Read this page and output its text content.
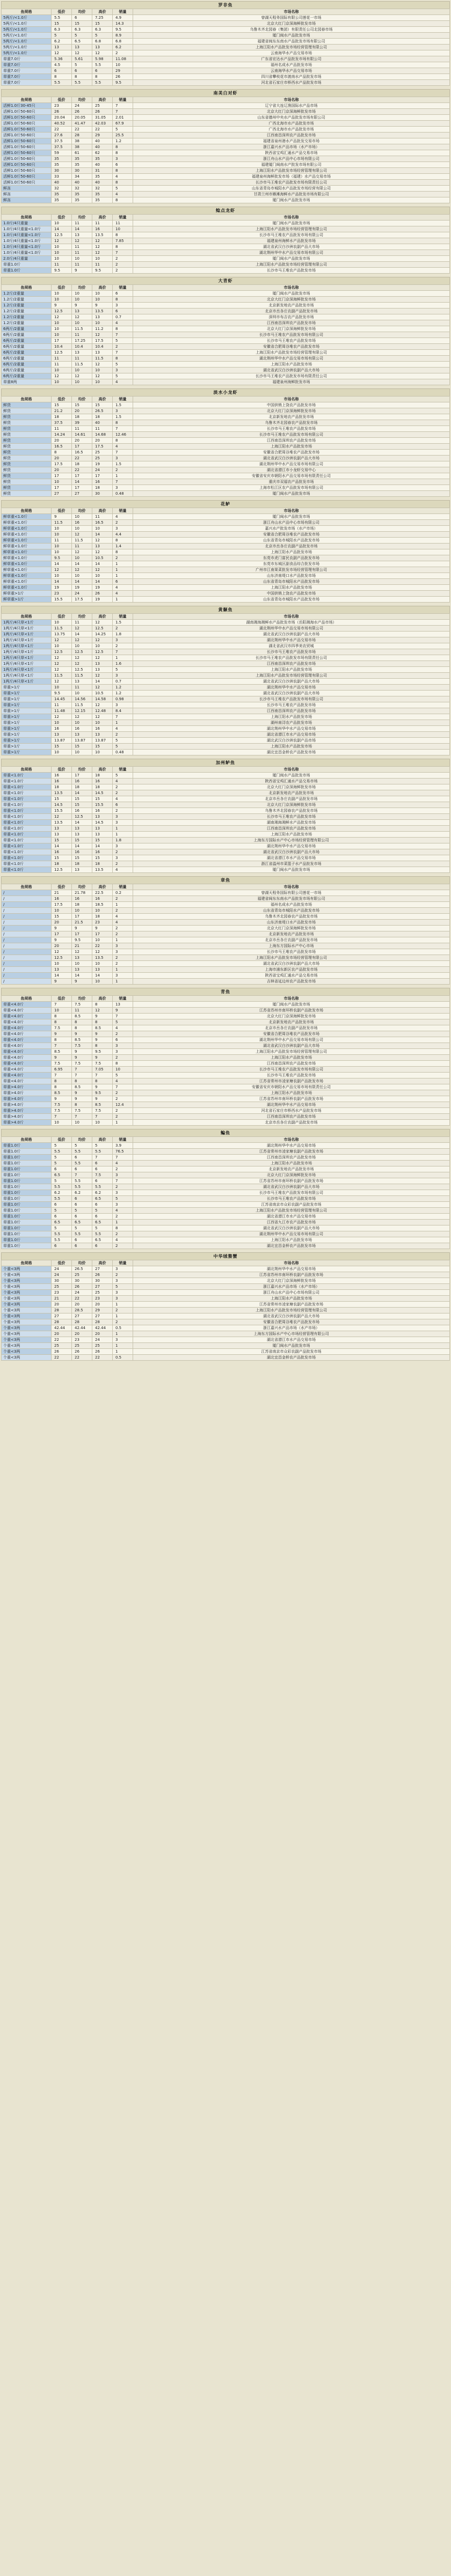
罗非鱼
鱼规格	低价	均价	高价	销量	市场名称
5两斤/<1.0斤	5.5	6	7.25	4.9	曾湖天程务国际有限公司莲花一市场
5两斤/<1.0斤	15	15	15	14.3	北京大红门京深海鲜批发市场
5两斤/<1.0斤	6.3	6.3	6.3	9.5	乌鲁木齐北园春（集团）有限责任公司北园春市场
5两斤/<1.0斤	5	5	5	8.9	厦门闽水产品批发市场
5两斤/<1.0斤	6.2	6.5	6.8	6.8	福建省闽东东南水产品批发市场有限公司
5两斤/<1.0斤	13	13	13	6.2	上海江阳水产品批发市场经营管理有限公司
5两斤/<1.0斤	12	12	12	2	云南海华水产品交易市场
草重7.0斤	5.36	5.61	5.98	11.08	广东省宏达水产品批发市场有限公司
草重7.0斤	4.5	5	5.5	10	福州名成水产品批发市场
草重7.0斤	6	6	6	29	云南海华水产品交易市场
草重7.0斤	8	8	8	26	四川省攀枝花市渡南水产品批发市场
草重7.0斤	5.5	5.5	5.5	9.5	河北省石家庄市桥西水产品批发市场
南美白对虾
鱼规格	低价	均价	高价	销量	市场名称
活鲜1.0斤30-45只	23	24	25	7	辽宁省大连辽渔国际水产品市场
活鲜1.0斤50-60只	26	26	26	7	北京大红门京深海鲜批发市场
活鲜1.0斤50-60只	20.04	20.05	31.05	2.01	山东省德州中央水产品批发市场有限公司
活鲜1.0斤50-60只	40.52	41.47	42.03	67.9	广西北海市水产品批发市场
活鲜1.0斤50-60只	22	22	22	5	广西北海市水产品批发市场
活鲜1.0斤50-60只	27.6	28	29	25.5	江西南昌深圳农产品批发市场
活鲜1.0斤50-60只	37.5	38	40	1.2	福建省泉州港水产品批发交易市场
活鲜1.0斤50-60只	37.5	38	40	8	浙江嘉兴水产品市场（水产市场）
活鲜1.0斤50-60只	59	61	62	8	陕西省宝鸡汇通水产品交易市场
活鲜1.0斤50-60只	35	35	35	3	浙江舟山水产品中心市场有限公司
活鲜1.0斤50-60只	35	35	40	6	福建厦门闽南水产批发市场有限公司
活鲜1.0斤50-60只	30	30	31	8	上海江阳水产品批发市场经营管理有限公司
活鲜1.0斤50-60只	33	34	35	4	福建泉州海鲜批发市场（福建）水产品交易市场
活鲜1.0斤50-60只	40	40	40	8	长沙市马王堆农产品批发市场有限责任公司
鲜冻	32	32	32	5	山东省青岛市城阳水产品批发市场经营有限公司
鲜冻	35	35	35	4	甘肃兰州市雁滩海鲜水产品批发市场有限公司
鲜冻	35	35	35	8	厦门闽水产品批发市场
鲶点龙虾
鱼规格	低价	均价	高价	销量	市场名称
1.0斤/4只重量	10	11	11	11	厦门闽水产品批发市场
1.0斤/4只重量<1.0斤	14	14	16	10	上海江阳水产品批发市场经营管理有限公司
1.0斤/4只重量<1.0斤	12.5	13	13.5	8	长沙市马王堆农产品批发市场有限公司
1.0斤/4只重量<1.0斤	12	12	12	7.85	福建泉州海鲜水产品批发市场
1.0斤/4只重量<1.0斤	10	11	12	8	湖北省武汉白沙洲农副产品大市场
1.0斤/4只重量<1.0斤	10	11	12	7	湖北荆州华中水产品交易市场有限公司
2.0斤/4只重量	10	10	10	2	厦门闽水产品批发市场
草重1.0斤	11	11	11	2	上海江阳水产品批发市场经营管理有限公司
草重1.0斤	9.5	9	9.5	2	长沙市马王堆农产品批发市场
大青虾
鱼规格	低价	均价	高价	销量	市场名称
1.2斤/2重量	10	10	10	6	厦门闽水产品批发市场
1.2斤/2重量	10	10	10	8	北京大红门京深海鲜批发市场
1.2斤/2重量	9	9	9	3	北京新发地农产品批发市场
1.2斤/2重量	12.5	13	13.5	6	北京市岳各庄农副产品批发市场
1.2斤/2重量	12	12	13	0.7	深圳市布吉农产品批发市场
1.2斤/2重量	10	10	10	4	江西南昌深圳农产品批发市场
6两斤/2重量	10	11.5	11.2	8	北京大红门京深海鲜批发市场
6两斤/2重量	10	11	12	7	长沙市马王堆农产品批发市场有限公司
6两斤/2重量	17	17.25	17.5	5	长沙市马王堆农产品批发市场
6两斤/2重量	10.4	10.4	10.4	2	安徽省合肥周谷堆农产品批发市场
6两斤/2重量	12.5	13	13	7	上海江阳水产品批发市场经营管理有限公司
6两斤/2重量	11	11	11.5	8	湖北荆州华中水产品交易市场有限公司
6两斤/2重量	11	11.5	12	5	上海江阳水产品批发市场
6两斤/2重量	10	10	10	3	湖北省武汉白沙洲农副产品大市场
6两斤/2重量	12	12	12	5	长沙市马王堆农产品批发市场有限责任公司
草重8两	10	10	10	4	福建泉州海鲜批发市场
淡水小龙虾
鱼规格	低价	均价	高价	销量	市场名称
鲜货	15	15	15	1.5	中国供销上饶农产品批发市场
鲜货	21.2	20	26.5	3	北京大红门京深海鲜批发市场
鲜货	18	18	18	1.5	北京新发地农产品批发市场
鲜货	37.5	39	40	8	乌鲁木齐北园春农产品批发市场
鲜货	11	11	11	7	长沙市马王堆农产品批发市场
鲜货	14.24	14.61	14.68	12.46	长沙市马王堆农产品批发市场有限公司
鲜货	20	20	20	8	江西南昌深圳农产品批发市场
鲜货	16.5	17	17.5	4	上海江阳水产品批发市场
鲜货	8	16.5	25	7	安徽省合肥周谷堆农产品批发市场
鲜货	20	22	25	3	湖北省武汉白沙洲农副产品大市场
鲜货	17.5	18	19	1.5	湖北荆州华中水产品交易市场有限公司
鲜货	20	22	24	2	湖北省潜江市小龙虾交易中心
鲜货	17	17	17	1	安徽省安庆市朝阳水产品交易市场有限责任公司
鲜货	10	14	16	7	重庆市双福农产品批发市场
鲜货	17	17	18	3	上海市松江区农产品批发市场有限公司
鲜货	27	27	30	0.48	厦门闽水产品批发市场
花鲈
鱼规格	低价	均价	高价	销量	市场名称
鲜草重<1.0斤	9	10	11	4	厦门闽水产品批发市场
鲜草重<1.0斤	11.5	16	16.5	2	浙江舟山水产品中心市场有限公司
鲜草重<1.0斤	10	10	10	3	嘉兴水产批发市场（水产市场）
鲜草重<1.0斤	10	12	14	4.4	安徽省合肥周谷堆农产品批发市场
鲜草重<1.0斤	11	11.5	12	8	山东省青岛市城阳水产品批发市场
鲜草重<1.0斤	10	11	13	1.4	北京市岳各庄农副产品批发市场
鲜草重<1.0斤	10	12	12	8	上海江阳水产品批发市场
鲜草重<1.0斤	9.5	10	10.5	2	东莞市虎门富民农副产品批发市场
鲜草重<1.0斤	14	14	14	1	东莞市东城区副食品综合批发市场
鲜草重<1.0斤	12	12	12	1	广州市江南果菜批发市场经营管理有限公司
鲜草重<1.0斤	10	10	10	1	山东济南堤口水产品批发市场
鲜草重<1.0斤	14	14	14	6	山东省青岛市城阳水产品批发市场
鲜草重<1.0斤	19	19	19	4	上海江阳水产品批发市场
鲜草重>1斤	23	24	26	4	中国供销上饶农产品批发市场
鲜草重>1斤	15.5	17.5	19	1	山东省青岛市城阳水产品批发市场
黄颡鱼
鱼规格	低价	均价	高价	销量	市场名称
1两斤/4只草<1斤	10	11	12	1.5	湖南湘海湘鲜水产品批发市场（岳阳湘海水产品市场）
1两斤/4只草<1斤	11.5	12	12.5	2	湖北荆州华中水产品交易市场有限公司
1两斤/4只草<1斤	13.75	14	14.25	1.8	湖北省武汉白沙洲农副产品大市场
1两斤/4只草<1斤	12	12	12	3	湖北荆州华中水产品交易市场
1两斤/4只草<1斤	10	10	10	2	湖北省武汉市四季美农贸城
1两斤/4只草<1斤	12.5	12.5	12.5	7	长沙市马王堆农产品批发市场
1两斤/4只草<1斤	12	12	12	1	长沙市马王堆农产品批发市场有限责任公司
1两斤/4只草<1斤	12	12	13	1.6	江西南昌深圳农产品批发市场
1两斤/4只草<1斤	12	12.5	13	5	上海江阳水产品批发市场
1两斤/4只草<1斤	11.5	11.5	12	3	上海江阳水产品批发市场经营管理有限公司
1两斤/4只草<1斤	12	13	14	0.7	湖北省武汉白沙洲农副产品大市场
草重>1斤	10	11	12	1.2	湖北荆州华中水产品交易市场
草重>1斤	9.5	10	10.5	1.2	湖北省武汉白沙洲农副产品大市场
草重>1斤	14.45	14.56	14.58	0.98	长沙市马王堆农产品批发市场有限公司
草重>1斤	11	11.5	12	3	长沙市马王堆农产品批发市场
草重>1斤	11.48	12.15	12.48	8.4	江西南昌深圳农产品批发市场
草重>1斤	12	12	12	7	上海江阳水产品批发市场
草重>1斤	10	10	10	1	湖州南浔农产品批发市场
草重>1斤	16	16	16	4	湖北荆州华中水产品交易市场
草重>1斤	13	13	13	2	湖北省潜江市水产品交易市场
草重>1斤	13.87	13.87	13.87	5	湖北武汉白沙洲农副产品市场
草重>1斤	15	15	15	5	上海江阳水产品批发市场
草重>1斤	10	10	10	0.48	湖北宜昌金桥农产品批发市场
加州鲈鱼
鱼规格	低价	均价	高价	销量	市场名称
草重<1.0斤	16	17	18	5	厦门闽水产品批发市场
草重<1.0斤	16	16	16	4	陕西省宝鸡汇通水产品交易市场
草重<1.0斤	18	18	18	2	北京大红门京深海鲜批发市场
草重<1.0斤	13.5	14	14.5	2	北京新发地农产品批发市场
草重<1.0斤	15	15	15	4	北京市岳各庄农副产品批发市场
草重<1.0斤	14.5	15	15.5	6	北京大红门京深海鲜批发市场
草重<1.0斤	15.5	16	16	2	乌鲁木齐北园春农产品批发市场
草重<1.0斤	12	12.5	13	3	长沙市马王堆农产品批发市场
草重<1.0斤	13.5	14	14.5	3	湖南湘海湘鲜水产品批发市场
草重<1.0斤	13	13	13	1	江西南昌深圳农产品批发市场
草重<1.0斤	13	13	13	1	上海江阳水产品批发市场
草重<1.0斤	15	15	15	1.8	上海东方国际水产中心市场经营管理有限公司
草重<1.0斤	14	14	14	3	湖北荆州华中水产品交易市场
草重<1.0斤	16	16	16	2	湖北省武汉白沙洲农副产品大市场
草重<1.0斤	15	15	15	3	湖北省潜江市水产品交易市场
草重<1.0斤	18	18	18	2	浙江省温州市菜篮子水产品批发市场
草重<1.0斤	12.5	13	13.5	4	厦门闽水产品批发市场
章鱼
鱼规格	低价	均价	高价	销量	市场名称
/	21	21.78	22.5	0.2	曾湖天程务国际有限公司莲花一市场
/	16	16	16	2	福建省闽东东南水产品批发市场有限公司
/	17.5	18	18.5	1	福州名成水产品批发市场
/	10	10	10	2	山东省青岛市城阳水产品批发市场
/	15	17	18	4	乌鲁木齐北园春农产品批发市场
/	20	21.5	23	4	山东济南堤口水产品批发市场
/	9	9	9	2	北京大红门京深海鲜批发市场
/	17	17	17	2	北京新发地农产品批发市场
/	9	9.5	10	1	北京市岳各庄农副产品批发市场
/	20	21	22	3	上海东方国际水产中心市场
/	12	12	12	3	长沙市马王堆农产品批发市场
/	12.5	13	13.5	2	上海江阳水产品批发市场经营管理有限公司
/	10	10	10	2	湖北省武汉白沙洲农副产品大市场
/	13	13	13	1	上海市浦东新区农产品批发市场
/	14	14	14	3	陕西省宝鸡汇通水产品交易市场
/	9	9	10	1	吉林省延边州农产品批发市场
青鱼
鱼规格	低价	均价	高价	销量	市场名称
草重<4.0斤	7	7.5	8	13	厦门闽水产品批发市场
草重<4.0斤	10	11	12	9	江苏省苏州市南环桥农副产品批发市场
草重<4.0斤	8	8.5	9	7	北京大红门京深海鲜批发市场
草重<4.0斤	8	8	8	5	北京新发地农产品批发市场
草重<4.0斤	7.5	8	8.5	4	北京市岳各庄农副产品批发市场
草重<4.0斤	9	9	9	2	安徽省合肥周谷堆农产品批发市场
草重<4.0斤	8	8.5	9	6	湖北荆州华中水产品交易市场有限公司
草重<4.0斤	7	7.5	8	3	湖北省武汉白沙洲农副产品大市场
草重<4.0斤	8.5	9	9.5	3	上海江阳水产品批发市场经营管理有限公司
草重<4.0斤	9	9	9	2	上海江阳水产品批发市场
草重<4.0斤	7.5	7.5	7.5	8	江西南昌深圳农产品批发市场
草重<4.0斤	6.95	7	7.05	10	长沙市马王堆农产品批发市场有限公司
草重<4.0斤	7	7	7	5	长沙市马王堆农产品批发市场
草重<4.0斤	8	8	8	4	江苏省常州市凌家塘农副产品批发市场
草重>4.0斤	8	8.5	9	7	安徽省安庆市朝阳水产品交易市场有限责任公司
草重>4.0斤	8.5	9	9.5	2	上海江阳水产品批发市场
草重>4.0斤	9	9	9	2	江苏省苏州市南环桥农副产品批发市场
草重>4.0斤	7.5	8	8.5	12.4	湖北荆州华中水产品交易市场
草重>4.0斤	7.5	7.5	7.5	2	河北省石家庄市桥西水产品批发市场
草重>4.0斤	7	7	7	2	江西南昌深圳农产品批发市场
草重>4.0斤	10	10	10	1	北京市岳各庄农副产品批发市场
鳊鱼
鱼规格	低价	均价	高价	销量	市场名称
草重1.0斤	5	5	5	3.9	湖北荆州华中水产品交易市场
草重1.0斤	5.5	5.5	5.5	76.5	江苏省常州市凌家塘农副产品批发市场
草重1.0斤	5	6	7	7	江西南昌深圳农产品批发市场
草重1.0斤	5	5.5	6	4	上海江阳水产品批发市场
草重1.0斤	6	6	6	2	北京新发地农产品批发市场
草重1.0斤	6.5	7	7.5	3	北京大红门京深海鲜批发市场
草重1.0斤	5	5.5	6	7	江苏省苏州市南环桥农副产品批发市场
草重1.0斤	5.5	5.5	5.5	2	湖北省武汉白沙洲农副产品大市场
草重1.0斤	6.2	6.2	6.2	3	长沙市马王堆农产品批发市场有限公司
草重1.0斤	5.5	6	6.5	5	长沙市马王堆农产品批发市场
草重1.0斤	6	6	6	3	江苏省南京市众彩农副产品批发市场
草重1.0斤	5	5	5	4	上海江阳水产品批发市场经营管理有限公司
草重1.0斤	6	6	6	2	湖北省潜江市水产品交易市场
草重1.0斤	6.5	6.5	6.5	1	江西省九江市农产品批发市场
草重1.0斤	5	5	5	8	湖北省武汉白沙洲农副产品大市场
草重1.0斤	5.5	5.5	5.5	2	湖北荆州华中水产品交易市场有限公司
草重1.0斤	5.5	6	6.5	4	上海江阳水产品批发市场
草重1.0斤	6	6	6	2	湖北宜昌金桥农产品批发市场
中华绒螯蟹
鱼规格	低价	均价	高价	销量	市场名称
个重<3两	24	26.5	27	3	湖北荆州华中水产品交易市场
个重<3两	24	25	26	2	江苏省苏州市南环桥农副产品批发市场
个重<3两	30	30	30	3	北京大红门京深海鲜批发市场
个重<3两	25	26	27	5	浙江嘉兴水产品市场（水产市场）
个重<3两	23	24	25	3	浙江舟山水产品中心市场有限公司
个重<3两	21	22	23	3	上海江阳水产品批发市场
个重<3两	20	20	20	1	江苏省常州市凌家塘农副产品批发市场
个重<3两	28	28.5	29	2	上海江阳水产品批发市场经营管理有限公司
个重<3两	27	27	27	1	湖北省武汉白沙洲农副产品大市场
个重<3两	28	28	28	2	安徽省合肥周谷堆农产品批发市场
个重<3两	42.44	42.44	42.44	0.5	浙江嘉兴水产品市场（水产市场）
个重<3两	20	20	20	1	上海东方国际水产中心市场经营管理有限公司
个重<3两	22	23	24	3	湖北省潜江市水产品交易市场
个重<3两	25	25	25	1	厦门闽水产品批发市场
个重<3两	26	26	26	1	江苏省南京市众彩农副产品批发市场
个重<3两	22	22	22	0.5	湖北宜昌金桥农产品批发市场
